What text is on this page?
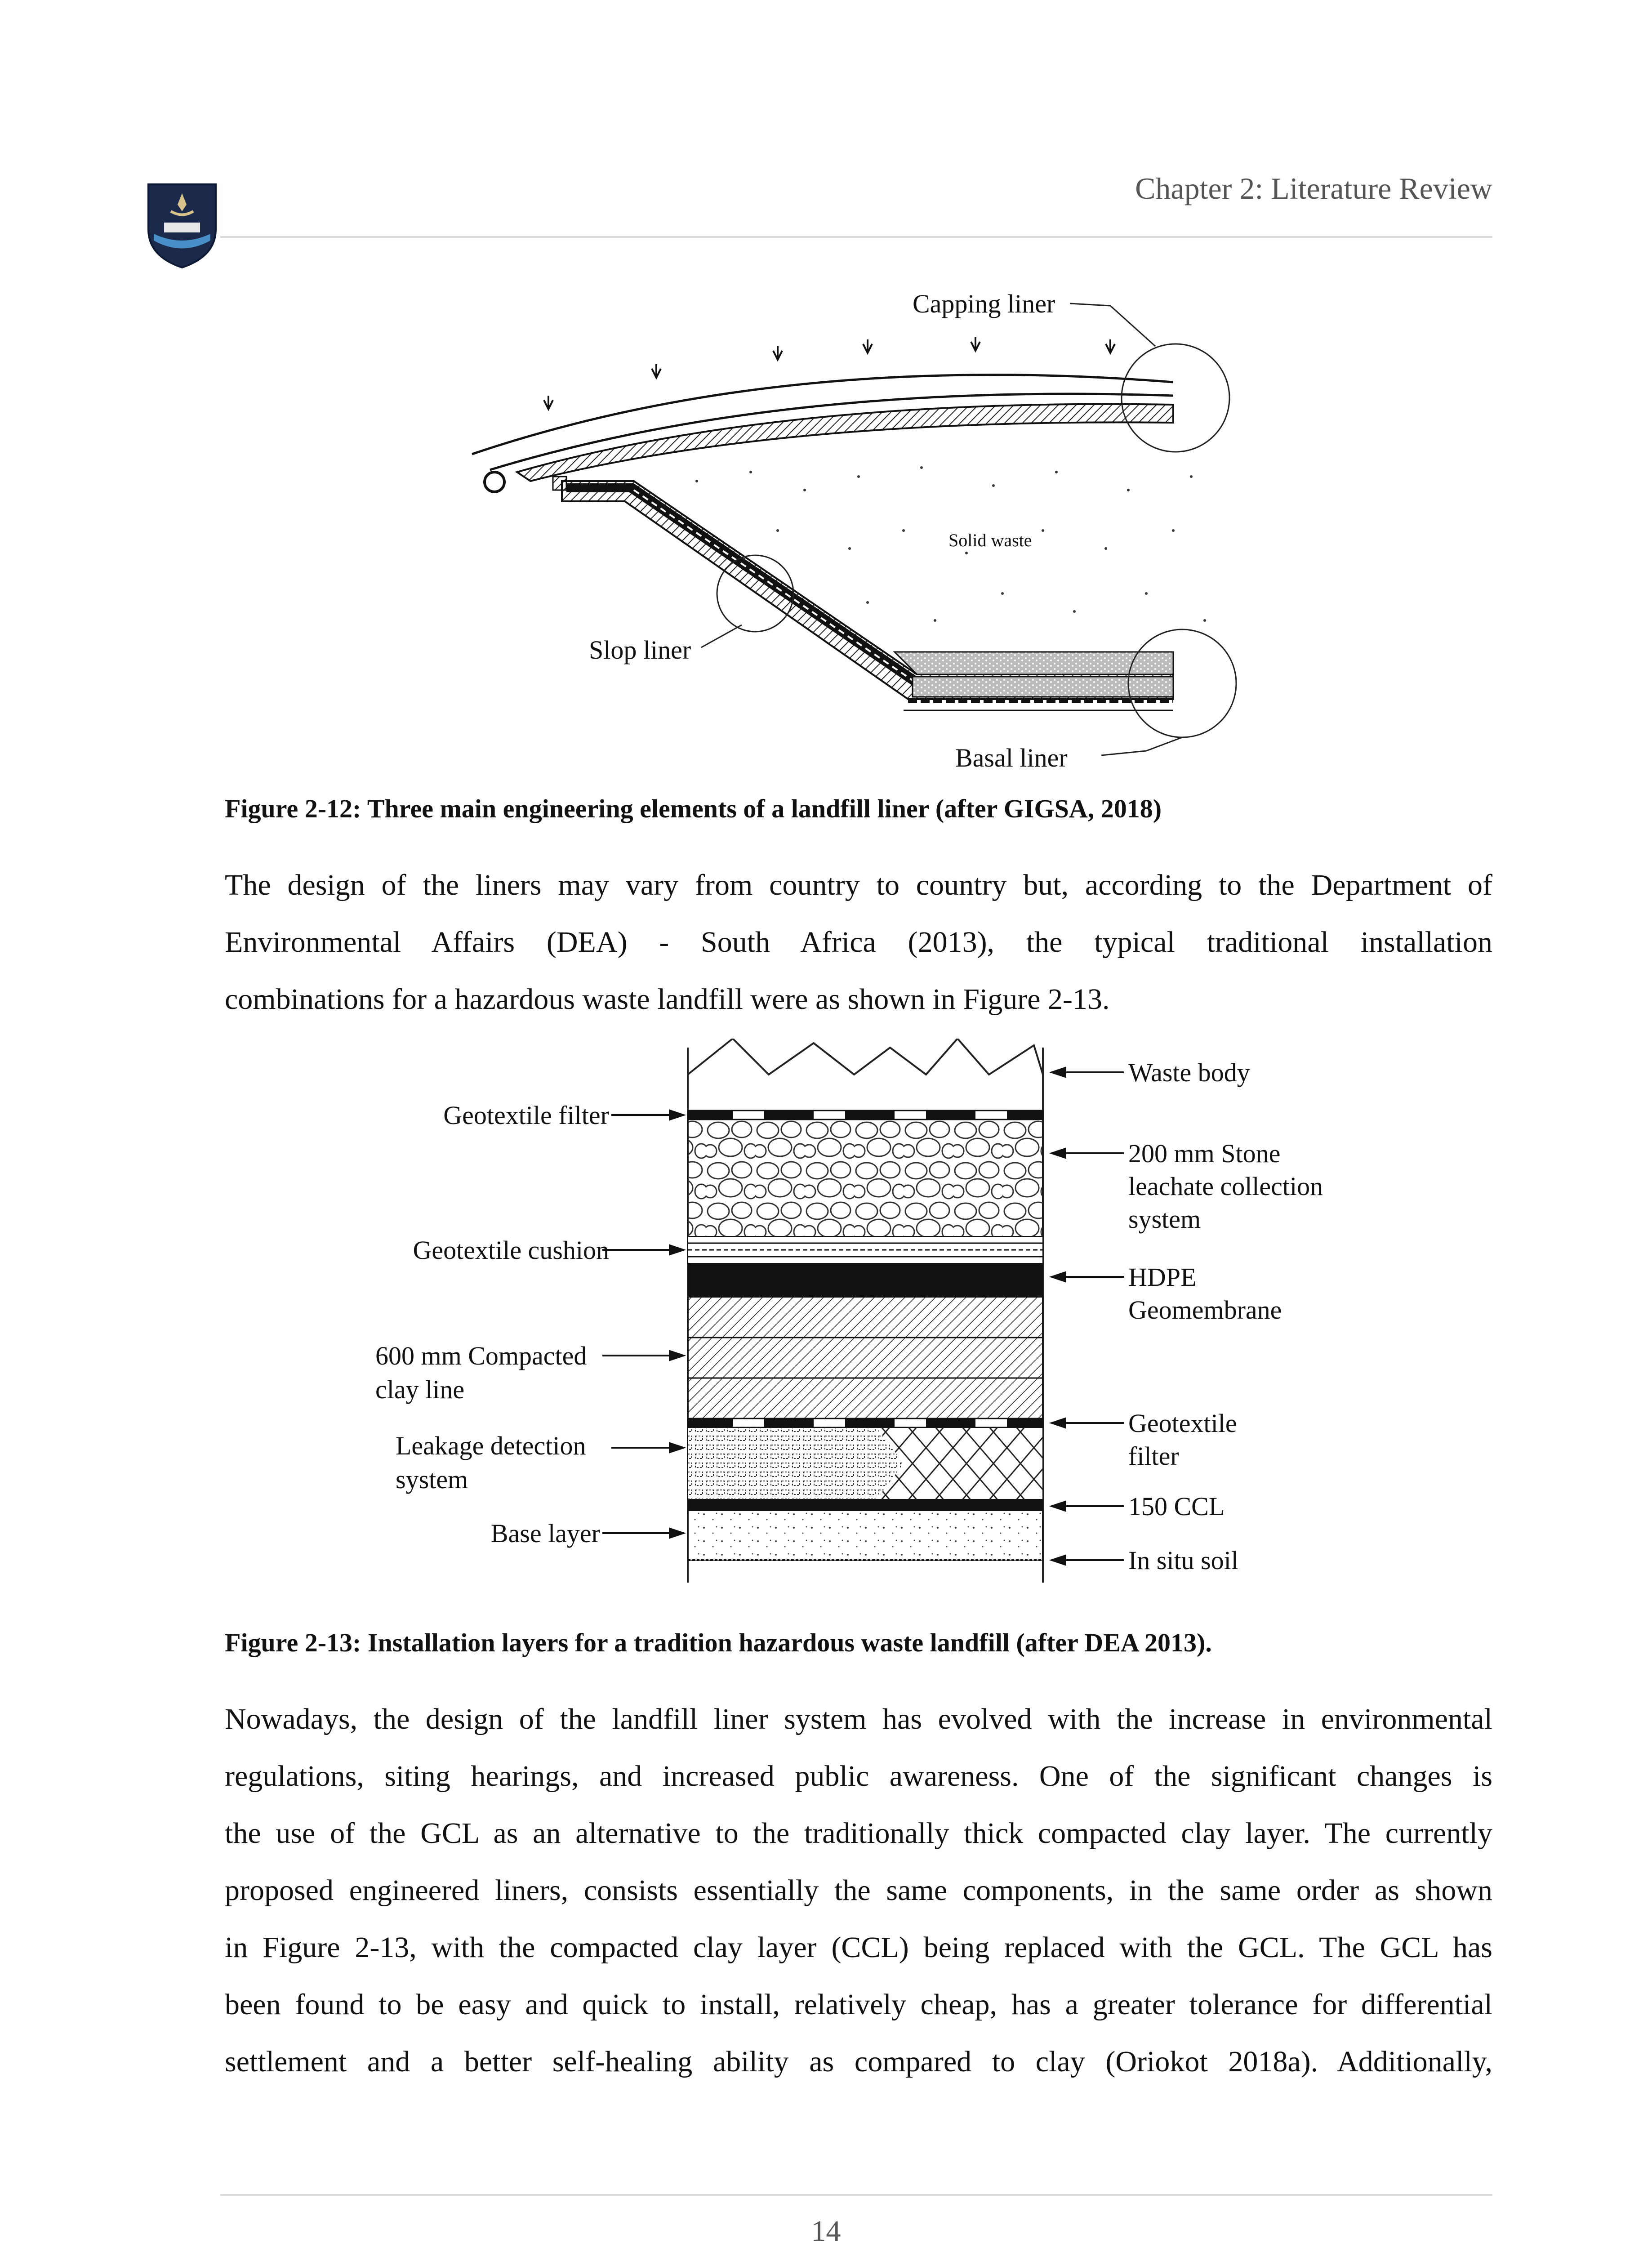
Chapter 2: Literature Review
Capping liner
Solid waste
Slop liner
Basal liner
Figure 2-12: Three main engineering elements of a landfill liner (after GIGSA, 2018)
The design of the liners may vary from country to country but, according to the Department of
Environmental Affairs (DEA) - South Africa (2013), the typical traditional installation
combinations for a hazardous waste landfill were as shown in Figure 2-13.
Geotextile filter
Geotextile cushion
600 mm Compacted
clay line
Leakage detection
system
Base layer
Waste body
200 mm Stone
leachate collection
system
HDPE
Geomembrane
Geotextile
filter
150 CCL
In situ soil
Figure 2-13: Installation layers for a tradition hazardous waste landfill (after DEA 2013).
Nowadays, the design of the landfill liner system has evolved with the increase in environmental
regulations, siting hearings, and increased public awareness. One of the significant changes is
the use of the GCL as an alternative to the traditionally thick compacted clay layer. The currently
proposed engineered liners, consists essentially the same components, in the same order as shown
in Figure 2-13, with the compacted clay layer (CCL) being replaced with the GCL. The GCL has
been found to be easy and quick to install, relatively cheap, has a greater tolerance for differential
settlement and a better self-healing ability as compared to clay (Oriokot 2018a). Additionally,
14
